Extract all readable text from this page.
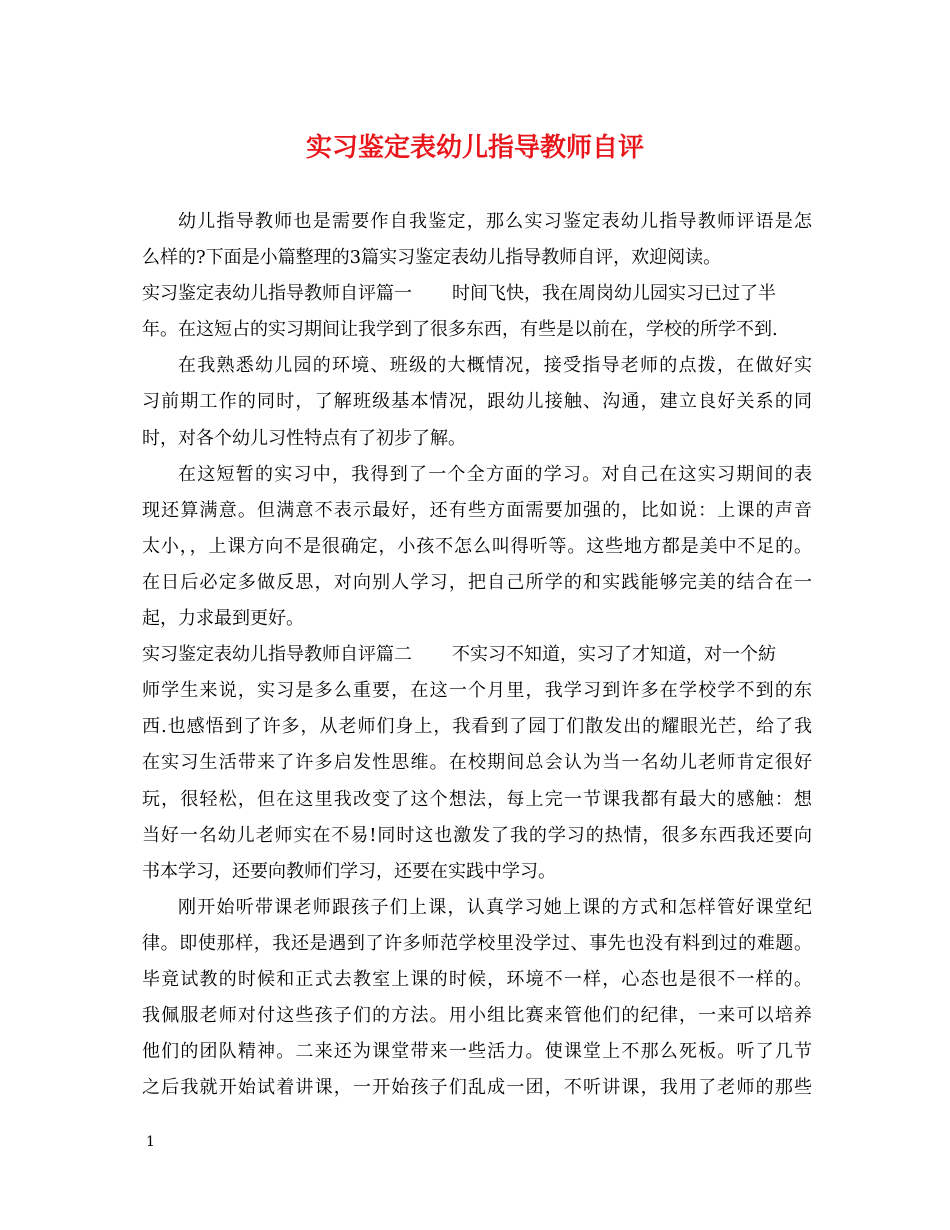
实习鉴定表幼儿指导教师自评
幼儿指导教师也是需要作自我鉴定，那么实习鉴定表幼儿指导教师评语是怎
么样的?下面是小篇整理的3篇实习鉴定表幼儿指导教师自评，欢迎阅读。
实习鉴定表幼儿指导教师自评篇一 时间飞快，我在周岗幼儿园实习已过了半
年。在这短占的实习期间让我学到了很多东西，有些是以前在，学校的所学不到.
在我熟悉幼儿园的环境、班级的大概情况，接受指导老师的点拨，在做好实
习前期工作的同时，了解班级基本情况，跟幼儿接触、沟通，建立良好关系的同
时，对各个幼儿习性特点有了初步了解。
在这短暂的实习中，我得到了一个全方面的学习。对自己在这实习期间的表
现还算满意。但满意不表示最好，还有些方面需要加强的，比如说：上课的声音
太小，，上课方向不是很确定，小孩不怎么叫得听等。这些地方都是美中不足的。
在日后必定多做反思，对向别人学习，把自己所学的和实践能够完美的结合在一
起，力求最到更好。
实习鉴定表幼儿指导教师自评篇二 不实习不知道，实习了才知道，对一个紡
师学生来说，实习是多么重要，在这一个月里，我学习到许多在学校学不到的东
西.也感悟到了许多，从老师们身上，我看到了园丁们散发出的耀眼光芒，给了我
在实习生活带来了许多启发性思维。在校期间总会认为当一名幼儿老师肯定很好
玩，很轻松，但在这里我改变了这个想法，每上完一节课我都有最大的感触：想
当好一名幼儿老师实在不易!同时这也激发了我的学习的热情，很多东西我还要向
书本学习，还要向教师们学习，还要在实践中学习。
刚开始听带课老师跟孩子们上课，认真学习她上课的方式和怎样管好课堂纪
律。即使那样，我还是遇到了许多师范学校里没学过、事先也没有料到过的难题。
毕竟试教的时候和正式去教室上课的时候，环境不一样，心态也是很不一样的。
我佩服老师对付这些孩子们的方法。用小组比赛来管他们的纪律，一来可以培养
他们的团队精神。二来还为课堂带来一些活力。使课堂上不那么死板。听了几节
之后我就开始试着讲课，一开始孩子们乱成一团，不听讲课，我用了老师的那些
1
